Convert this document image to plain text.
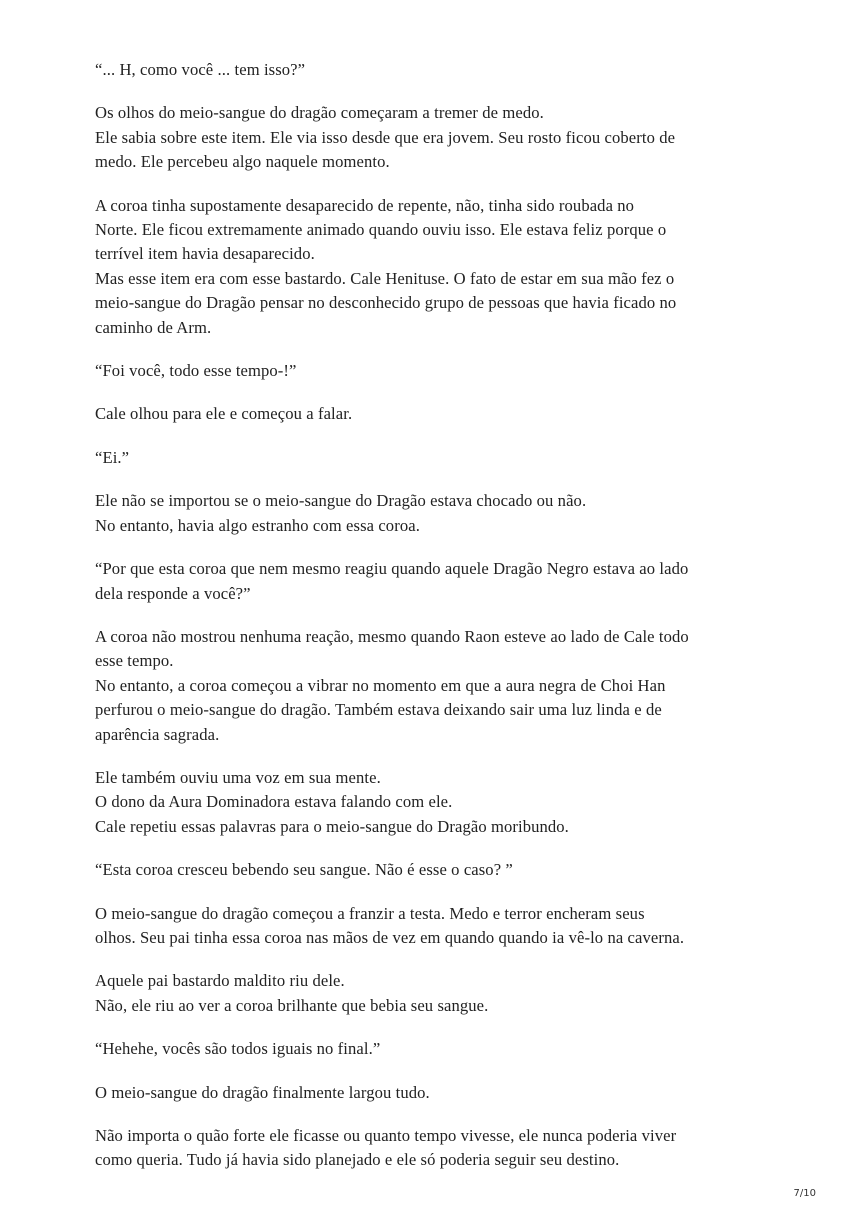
“... H, como você ... tem isso?”

Os olhos do meio-sangue do dragão começaram a tremer de medo.
Ele sabia sobre este item. Ele via isso desde que era jovem. Seu rosto ficou coberto de
medo. Ele percebeu algo naquele momento.

A coroa tinha supostamente desaparecido de repente, não, tinha sido roubada no
Norte. Ele ficou extremamente animado quando ouviu isso. Ele estava feliz porque o
terrível item havia desaparecido.
Mas esse item era com esse bastardo. Cale Henituse. O fato de estar em sua mão fez o
meio-sangue do Dragão pensar no desconhecido grupo de pessoas que havia ficado no
caminho de Arm.

“Foi você, todo esse tempo-!”

Cale olhou para ele e começou a falar.

“Ei.”

Ele não se importou se o meio-sangue do Dragão estava chocado ou não.
No entanto, havia algo estranho com essa coroa.

“Por que esta coroa que nem mesmo reagiu quando aquele Dragão Negro estava ao lado
dela responde a você?”

A coroa não mostrou nenhuma reação, mesmo quando Raon esteve ao lado de Cale todo
esse tempo.
No entanto, a coroa começou a vibrar no momento em que a aura negra de Choi Han
perfurou o meio-sangue do dragão. Também estava deixando sair uma luz linda e de
aparência sagrada.

Ele também ouviu uma voz em sua mente.
O dono da Aura Dominadora estava falando com ele.
Cale repetiu essas palavras para o meio-sangue do Dragão moribundo.

“Esta coroa cresceu bebendo seu sangue. Não é esse o caso? ”

O meio-sangue do dragão começou a franzir a testa. Medo e terror encheram seus
olhos. Seu pai tinha essa coroa nas mãos de vez em quando quando ia vê-lo na caverna.

Aquele pai bastardo maldito riu dele.
Não, ele riu ao ver a coroa brilhante que bebia seu sangue.

“Hehehe, vocês são todos iguais no final.”

O meio-sangue do dragão finalmente largou tudo.

Não importa o quão forte ele ficasse ou quanto tempo vivesse, ele nunca poderia viver
como queria. Tudo já havia sido planejado e ele só poderia seguir seu destino.

7/10
